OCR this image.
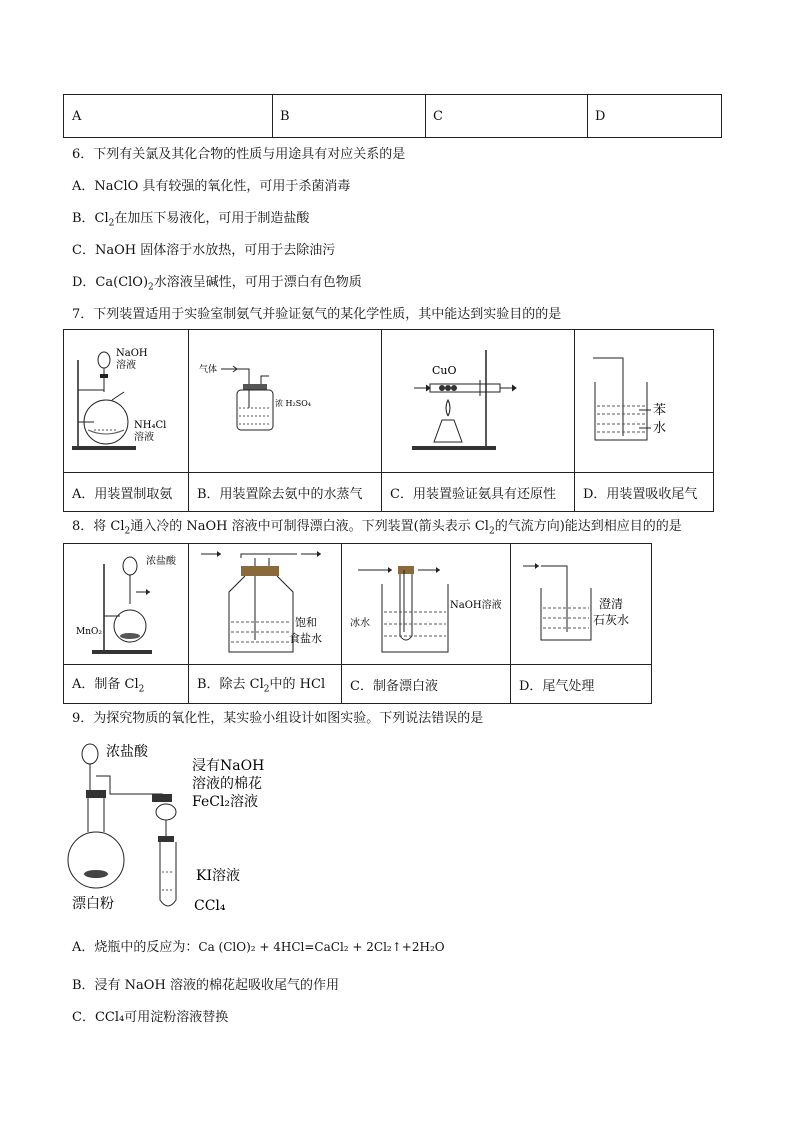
A	B	C	D
6．下列有关氯及其化合物的性质与用途具有对应关系的是
A．NaClO 具有较强的氧化性，可用于杀菌消毒
B．$Cl_2$在加压下易液化，可用于制造盐酸
C．NaOH 固体溶于水放热，可用于去除油污
D．$Ca(ClO)_2$水溶液呈碱性，可用于漂白有色物质
7．下列装置适用于实验室制氨气并验证氨气的某化学性质，其中能达到实验目的的是
NaOH
溶液
NH₄Cl
溶液	气体
浓 H₂SO₄	CuO	苯
水

A．用装置制取氨	B．用装置除去氨中的水蒸气	C．用装置验证氨具有还原性	D．用装置吸收尾气
8．将 $Cl_2$通入冷的 NaOH 溶液中可制得漂白液。下列装置(箭头表示 $Cl_2$的气流方向)能达到相应目的的是
浓盐酸
MnO₂	饱和
食盐水	NaOH溶液
冰水	澄清
石灰水

A．制备 $Cl_2$	B．除去 $Cl_2$中的 HCl	C．制备漂白液	D．尾气处理
9．为探究物质的氧化性，某实验小组设计如图实验。下列说法错误的是
浓盐酸
浸有NaOH
溶液的棉花
FeCl₂溶液
KI溶液
漂白粉	CCl₄
A．烧瓶中的反应为：Ca (ClO)₂ + 4HCl=CaCl₂ + 2Cl₂↑+2H₂O
B．浸有 NaOH 溶液的棉花起吸收尾气的作用
C．CCl₄可用淀粉溶液替换
